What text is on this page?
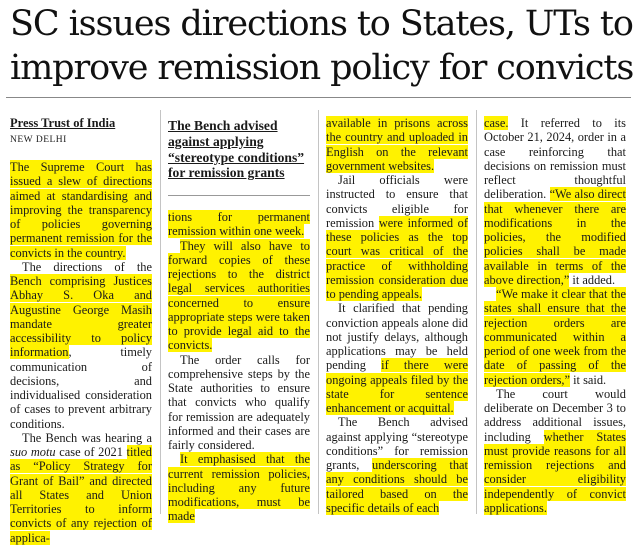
SC issues directions to States, UTs to
improve remission policy for convicts

Press Trust of India

NEW DELHI

The Supreme Court has issued a slew of directions aimed at standardising and improving the transparency of policies governing permanent remission for the convicts in the country.

The directions of the Bench comprising Justices Abhay S. Oka and Augustine George Masih mandate greater accessibility to policy information, timely communication of decisions, and individualised consideration of cases to prevent arbitrary conditions.

The Bench was hearing a suo motu case of 2021 titled as “Policy Strategy for Grant of Bail” and directed all States and Union Territories to inform convicts of any rejection of applica-

The Bench advised against applying “stereotype conditions” for remission grants

tions for permanent remission within one week.

They will also have to forward copies of these rejections to the district legal services authorities concerned to ensure appropriate steps were taken to provide legal aid to the convicts.

The order calls for comprehensive steps by the State authorities to ensure that convicts who qualify for remission are adequately informed and their cases are fairly considered.

It emphasised that the current remission policies, including any future modifications, must be made

available in prisons across the country and uploaded in English on the relevant government websites.

Jail officials were instructed to ensure that convicts eligible for remission were informed of these policies as the top court was critical of the practice of withholding remission consideration due to pending appeals.

It clarified that pending conviction appeals alone did not justify delays, although applications may be held pending if there were ongoing appeals filed by the state for sentence enhancement or acquittal.

The Bench advised against applying “stereotype conditions” for remission grants, underscoring that any conditions should be tailored based on the specific details of each

case. It referred to its October 21, 2024, order in a case reinforcing that decisions on remission must reflect thoughtful deliberation. “We also direct that whenever there are modifications in the policies, the modified policies shall be made available in terms of the above direction,” it added.

“We make it clear that the states shall ensure that the rejection orders are communicated within a period of one week from the date of passing of the rejection orders,” it said.

The court would deliberate on December 3 to address additional issues, including whether States must provide reasons for all remission rejections and consider eligibility independently of convict applications.
